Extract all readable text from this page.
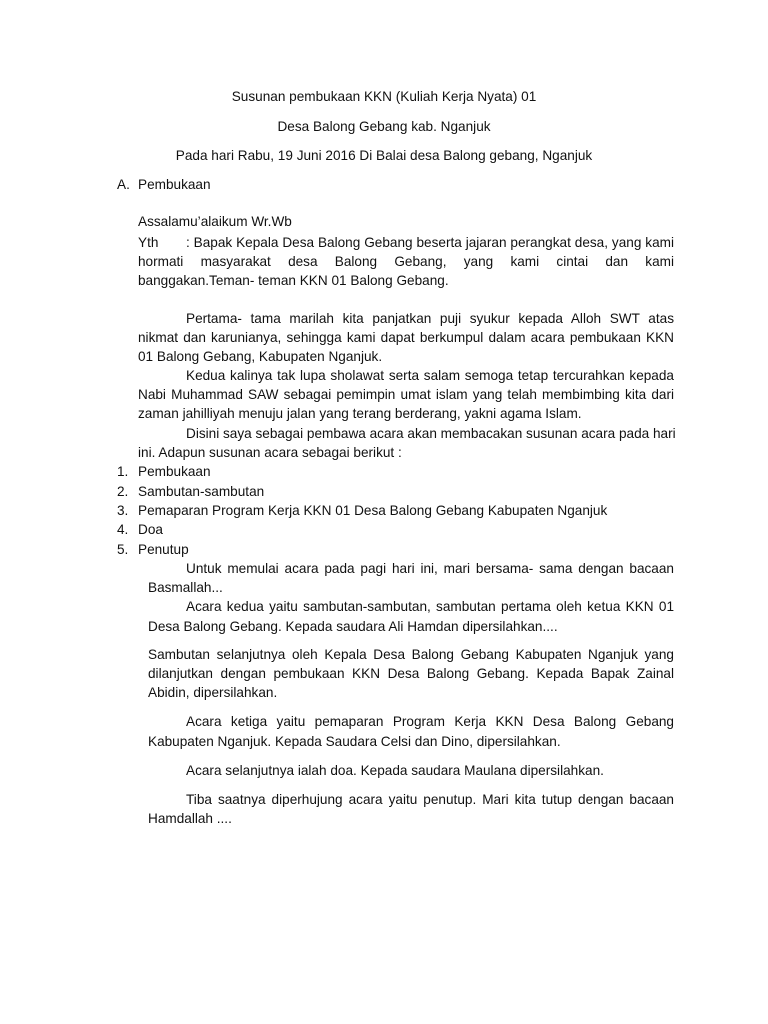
Susunan pembukaan KKN (Kuliah Kerja Nyata) 01
Desa Balong Gebang kab. Nganjuk
Pada hari Rabu, 19 Juni 2016 Di Balai desa Balong gebang, Nganjuk
A. Pembukaan
Assalamu’alaikum Wr.Wb
Yth : Bapak Kepala Desa Balong Gebang beserta jajaran perangkat desa, yang kami
hormati masyarakat desa Balong Gebang, yang kami cintai dan kami
banggakan.Teman- teman KKN 01 Balong Gebang.
Pertama- tama marilah kita panjatkan puji syukur kepada Alloh SWT atas
nikmat dan karunianya, sehingga kami dapat berkumpul dalam acara pembukaan KKN
01 Balong Gebang, Kabupaten Nganjuk.
Kedua kalinya tak lupa sholawat serta salam semoga tetap tercurahkan kepada
Nabi Muhammad SAW sebagai pemimpin umat islam yang telah membimbing kita dari
zaman jahilliyah menuju jalan yang terang berderang, yakni agama Islam.
Disini saya sebagai pembawa acara akan membacakan susunan acara pada hari
ini. Adapun susunan acara sebagai berikut :
1. Pembukaan
2. Sambutan-sambutan
3. Pemaparan Program Kerja KKN 01 Desa Balong Gebang Kabupaten Nganjuk
4. Doa
5. Penutup
Untuk memulai acara pada pagi hari ini, mari bersama- sama dengan bacaan
Basmallah...
Acara kedua yaitu sambutan-sambutan, sambutan pertama oleh ketua KKN 01
Desa Balong Gebang. Kepada saudara Ali Hamdan dipersilahkan....
Sambutan selanjutnya oleh Kepala Desa Balong Gebang Kabupaten Nganjuk yang
dilanjutkan dengan pembukaan KKN Desa Balong Gebang. Kepada Bapak Zainal
Abidin, dipersilahkan.
Acara ketiga yaitu pemaparan Program Kerja KKN Desa Balong Gebang
Kabupaten Nganjuk. Kepada Saudara Celsi dan Dino, dipersilahkan.
Acara selanjutnya ialah doa. Kepada saudara Maulana dipersilahkan.
Tiba saatnya diperhujung acara yaitu penutup. Mari kita tutup dengan bacaan
Hamdallah ....
